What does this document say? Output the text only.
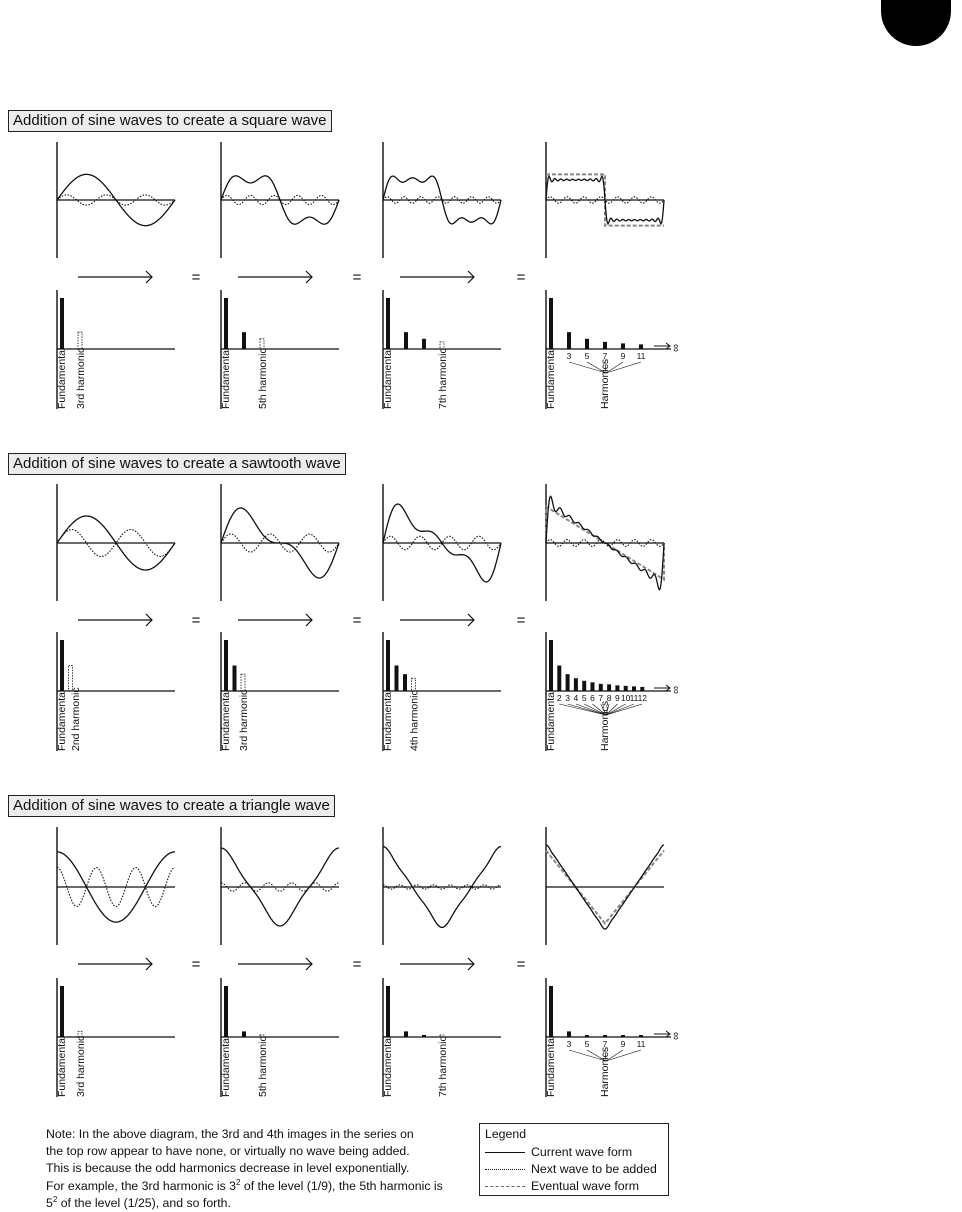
Addition of sine waves to create a square wave
Addition of sine waves to create a sawtooth wave
Addition of sine waves to create a triangle wave
Fundamental 3rd harmonic	Fundamental 5th harmonic	Fundamental	7th harmonic	Fundamental 3 5 7 9 11
Harmonics
∞
=	=	=
Fundamental 2nd harmonic	Fundamental 3rd harmonic	Fundamental 4th harmonic	Fundamental 2 3 4 5 6 7 8 9 10 11 12
Harmonics
∞
=	=	=
Fundamental 3rd harmonic	Fundamental 5th harmonic	Fundamental	7th harmonic	Fundamental 3 5 7 9 11
Harmonics
∞
=	=	=
Note: In the above diagram, the 3rd and 4th images in the series on
the top row appear to have none, or virtually no wave being added.
This is because the odd harmonics decrease in level exponentially.
For example, the 3rd harmonic is $3^2$ of the level (1/9), the 5th harmonic is
$5^2$ of the level (1/25), and so forth.
Legend
Current wave form
Next wave to be added
Eventual wave form
